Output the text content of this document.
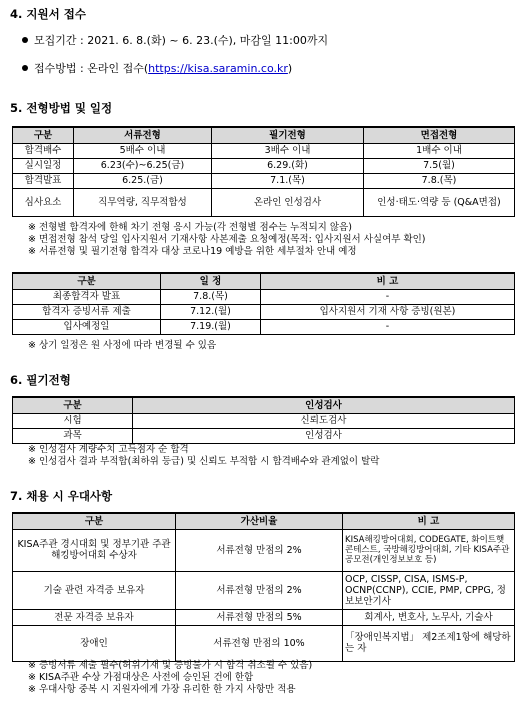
4. 지원서 접수
모집기간 : 2021. 6. 8.(화) ~ 6. 23.(수), 마감일 11:00까지
접수방법 : 온라인 접수(https://kisa.saramin.co.kr)
5. 전형방법 및 일정
구분	서류전형	필기전형	면접전형
합격배수	5배수 이내	3배수 이내	1배수 이내
실시일정	6.23(수)~6.25(금)	6.29.(화)	7.5(월)
합격발표	6.25.(금)	7.1.(목)	7.8.(목)
심사요소	직무역량, 직무적합성	온라인 인성검사	인성·태도·역량 등 (Q&A면접)
※ 전형별 합격자에 한해 차기 전형 응시 가능(각 전형별 점수는 누적되지 않음)
※ 면접전형 참석 당일 입사지원서 기재사항 사본제출 요청예정(목적: 입사지원서 사실여부 확인)
※ 서류전형 및 필기전형 합격자 대상 코로나19 예방을 위한 세부절차 안내 예정
구분	일 정	비 고
최종합격자 발표	7.8.(목)	-
합격자 증빙서류 제출	7.12.(월)	입사지원서 기재 사항 증빙(원본)
입사예정일	7.19.(월)	-
※ 상기 일정은 원 사정에 따라 변경될 수 있음
6. 필기전형
구분	인성검사
시험	신뢰도검사
과목	인성검사
※ 인성검사 계량수치 고득점자 순 합격
※ 인성검사 결과 부적합(최하위 등급) 및 신뢰도 부적합 시 합격배수와 관계없이 탈락
7. 채용 시 우대사항
구분	가산비율	비 고
KISA주관 경시대회 및 정부기관 주관 해킹방어대회 수상자	서류전형 만점의 2%	KISA해킹방어대회, CODEGATE, 화이트햇 콘테스트, 국방해킹방어대회, 기타 KISA주관 공모전(개인정보보호 등)
기술 관련 자격증 보유자	서류전형 만점의 2%	OCP, CISSP, CISA, ISMS-P, OCNP(CCNP), CCIE, PMP, CPPG, 정보보안기사
전문 자격증 보유자	서류전형 만점의 5%	회계사, 변호사, 노무사, 기술사
장애인	서류전형 만점의 10%	「장애인복지법」 제2조제1항에 해당하는 자
※ 증빙서류 제출 필수(허위기재 및 증빙불가 시 합격 취소될 수 있음)
※ KISA주관 수상 가점대상은 사전에 승인된 건에 한함
※ 우대사항 중복 시 지원자에게 가장 유리한 한 가지 사항만 적용
